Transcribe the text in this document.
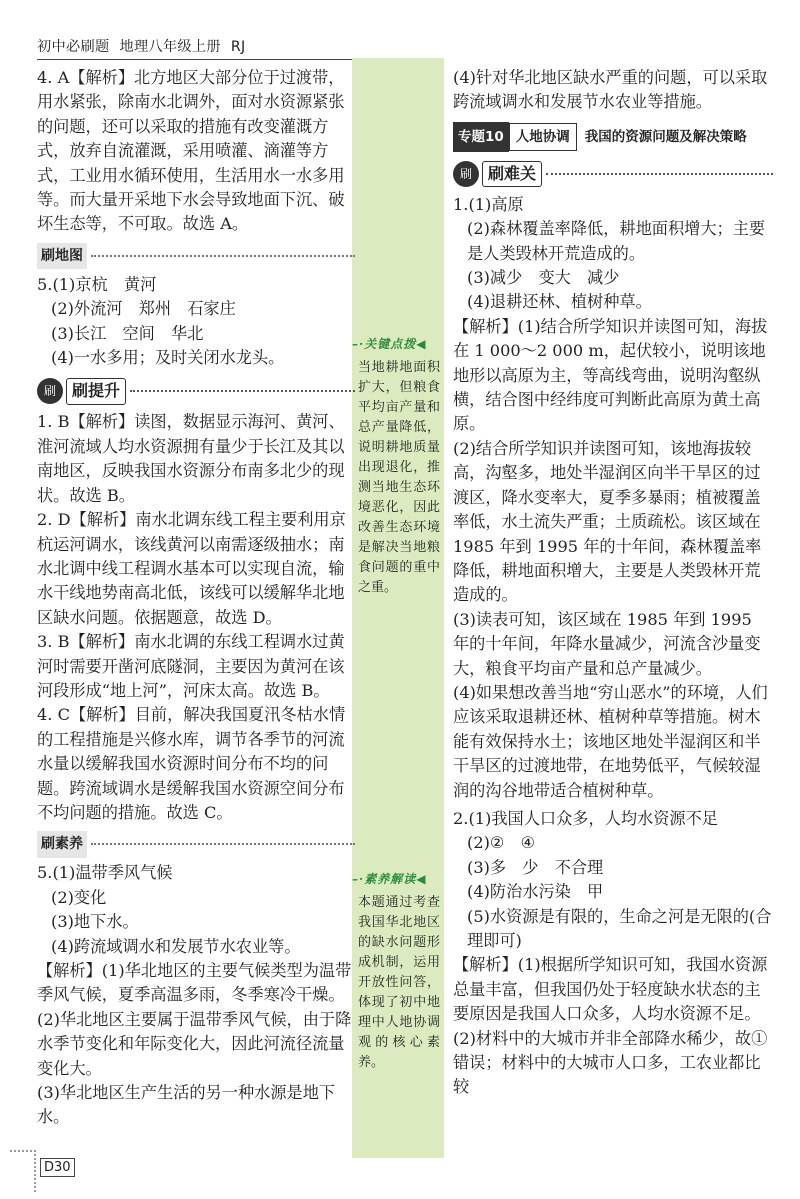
初中必刷题 地理八年级上册 RJ
–·关键点拨◀
当地耕地面积扩大，但粮食平均亩产量和总产量降低，说明耕地质量出现退化，推测当地生态环境恶化，因此改善生态环境是解决当地粮食问题的重中之重。
–·素养解读◀
本题通过考查我国华北地区的缺水问题形成机制，运用开放性问答，体现了初中地理中人地协调观的核心素养。

4. A【解析】北方地区大部分位于过渡带，用水紧张，除南水北调外，面对水资源紧张的问题，还可以采取的措施有改变灌溉方式，放弃自流灌溉，采用喷灌、滴灌等方式，工业用水循环使用，生活用水一水多用等。而大量开采地下水会导致地面下沉、破坏生态等，不可取。故选 A。

刷地图

5.(1)京杭　黄河

(2)外流河　郑州　石家庄

(3)长江　空间　华北

(4)一水多用；及时关闭水龙头。

刷	刷提升

1. B【解析】读图，数据显示海河、黄河、淮河流域人均水资源拥有量少于长江及其以南地区，反映我国水资源分布南多北少的现状。故选 B。

2. D【解析】南水北调东线工程主要利用京杭运河调水，该线黄河以南需逐级抽水；南水北调中线工程调水基本可以实现自流，输水干线地势南高北低，该线可以缓解华北地区缺水问题。依据题意，故选 D。

3. B【解析】南水北调的东线工程调水过黄河时需要开凿河底隧洞，主要因为黄河在该河段形成“地上河”，河床太高。故选 B。

4. C【解析】目前，解决我国夏汛冬枯水情的工程措施是兴修水库，调节各季节的河流水量以缓解我国水资源时间分布不均的问题。跨流域调水是缓解我国水资源空间分布不均问题的措施。故选 C。

刷素养

5.(1)温带季风气候

(2)变化

(3)地下水。

(4)跨流域调水和发展节水农业等。

【解析】(1)华北地区的主要气候类型为温带季风气候，夏季高温多雨，冬季寒冷干燥。

(2)华北地区主要属于温带季风气候，由于降水季节变化和年际变化大，因此河流径流量变化大。

(3)华北地区生产生活的另一种水源是地下水。

(4)针对华北地区缺水严重的问题，可以采取跨流域调水和发展节水农业等措施。

专题10 人地协调	我国的资源问题及解决策略
刷	刷难关

1.(1)高原

(2)森林覆盖率降低，耕地面积增大；主要是人类毁林开荒造成的。

(3)减少　变大　减少

(4)退耕还林、植树种草。

【解析】(1)结合所学知识并读图可知，海拔在 1 000～2 000 m，起伏较小，说明该地地形以高原为主，等高线弯曲，说明沟壑纵横，结合图中经纬度可判断此高原为黄土高原。

(2)结合所学知识并读图可知，该地海拔较高，沟壑多，地处半湿润区向半干旱区的过渡区，降水变率大，夏季多暴雨；植被覆盖率低，水土流失严重；土质疏松。该区域在 1985 年到 1995 年的十年间，森林覆盖率降低，耕地面积增大，主要是人类毁林开荒造成的。

(3)读表可知，该区域在 1985 年到 1995 年的十年间，年降水量减少，河流含沙量变大，粮食平均亩产量和总产量减少。

(4)如果想改善当地“穷山恶水”的环境，人们应该采取退耕还林、植树种草等措施。树木能有效保持水土；该地区地处半湿润区和半干旱区的过渡地带，在地势低平，气候较湿润的沟谷地带适合植树种草。

2.(1)我国人口众多，人均水资源不足

(2)②　④

(3)多　少　不合理

(4)防治水污染　甲

(5)水资源是有限的，生命之河是无限的(合理即可)

【解析】(1)根据所学知识可知，我国水资源总量丰富，但我国仍处于轻度缺水状态的主要原因是我国人口众多，人均水资源不足。

(2)材料中的大城市并非全部降水稀少，故①错误；材料中的大城市人口多，工农业都比较

D30
